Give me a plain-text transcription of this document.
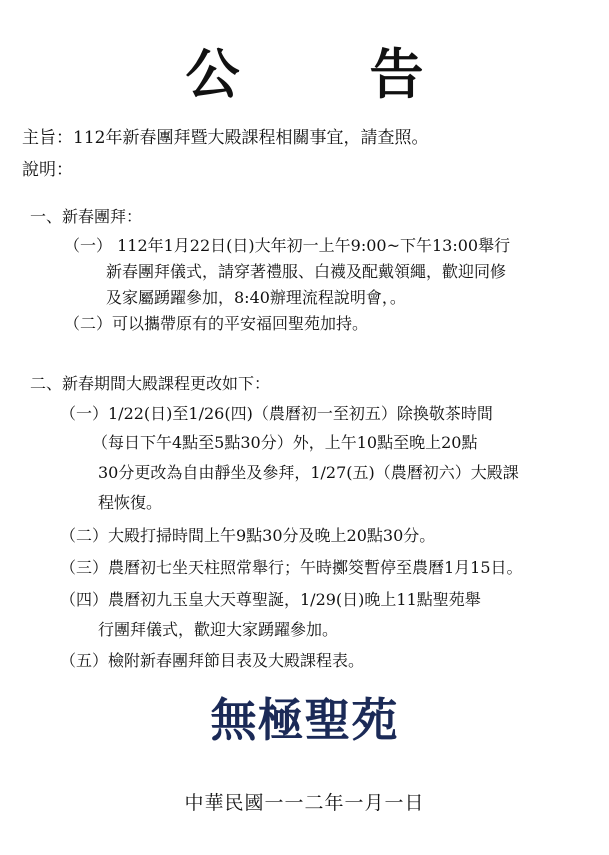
公 告
主旨：112年新春團拜暨大殿課程相關事宜，請查照。
說明：
一、新春團拜：
（一） 112年1月22日(日)大年初一上午9:00~下午13:00舉行
新春團拜儀式，請穿著禮服、白襪及配戴領繩，歡迎同修
及家屬踴躍參加，8:40辦理流程說明會，。
（二）可以攜帶原有的平安福回聖苑加持。
二、新春期間大殿課程更改如下：
（一）1/22(日)至1/26(四)（農曆初一至初五）除換敬茶時間
（每日下午4點至5點30分）外，上午10點至晚上20點
30分更改為自由靜坐及參拜，1/27(五)（農曆初六）大殿課
程恢復。
（二）大殿打掃時間上午9點30分及晚上20點30分。
（三）農曆初七坐天柱照常舉行；午時擲筊暫停至農曆1月15日。
（四）農曆初九玉皇大天尊聖誕，1/29(日)晚上11點聖苑舉
行團拜儀式，歡迎大家踴躍參加。
（五）檢附新春團拜節目表及大殿課程表。
無極聖苑
中華民國一一二年一月一日
